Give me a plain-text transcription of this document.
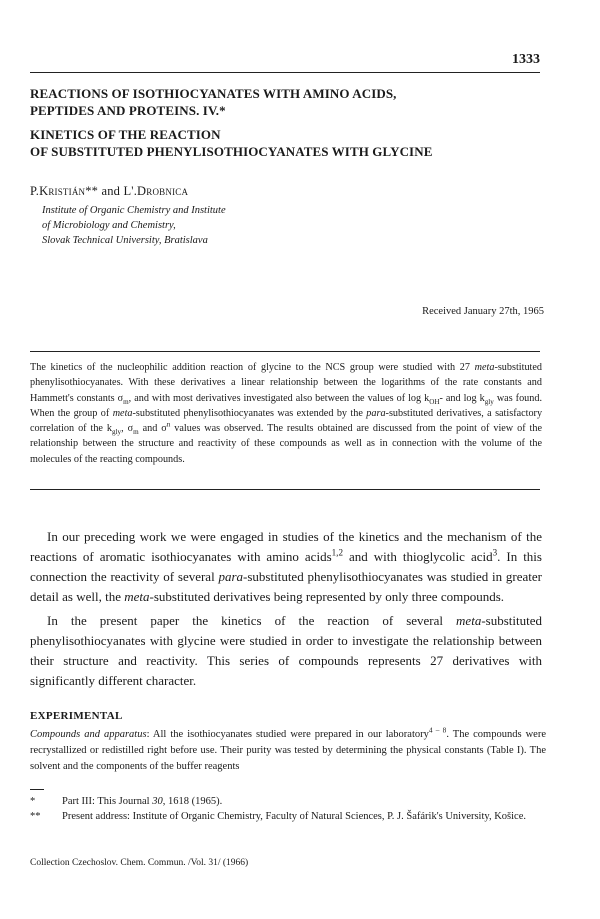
1333
REACTIONS OF ISOTHIOCYANATES WITH AMINO ACIDS,
PEPTIDES AND PROTEINS. IV.*
KINETICS OF THE REACTION
OF SUBSTITUTED PHENYLISOTHIOCYANATES WITH GLYCINE
P.Kristián** and L'.Drobnica
Institute of Organic Chemistry and Institute
of Microbiology and Chemistry,
Slovak Technical University, Bratislava
Received January 27th, 1965
The kinetics of the nucleophilic addition reaction of glycine to the NCS group were studied with 27 meta-substituted phenylisothiocyanates. With these derivatives a linear relationship between the logarithms of the rate constants and Hammett's constants $\sigma_m$, and with most derivatives investigated also between the values of $\log k_{OH}-$ and $\log k_{gly}$ was found. When the group of meta-substituted phenylisothiocyanates was extended by the para-substituted derivatives, a satisfactory correlation of the $k_{gly}$, $\sigma_m$ and $\sigma^n$ values was observed. The results obtained are discussed from the point of view of the relationship between the structure and reactivity of these compounds as well as in connection with the volume of the molecules of the reacting compounds.
In our preceding work we were engaged in studies of the kinetics and the mechanism of the reactions of aromatic isothiocyanates with amino acids$^{1,2}$ and with thioglycolic acid$^3$. In this connection the reactivity of several para-substituted phenylisothiocyanates was studied in greater detail as well, the meta-substituted derivatives being represented by only three compounds.
In the present paper the kinetics of the reaction of several meta-substituted phenylisothiocyanates with glycine were studied in order to investigate the relationship between their structure and reactivity. This series of compounds represents 27 derivatives with significantly different character.
EXPERIMENTAL
Compounds and apparatus: All the isothiocyanates studied were prepared in our laboratory$^{4 - 8}$. The compounds were recrystallized or redistilled right before use. Their purity was tested by determining the physical constants (Table I). The solvent and the components of the buffer reagents
*	Part III: This Journal 30, 1618 (1965).
**	Present address: Institute of Organic Chemistry, Faculty of Natural Sciences, P. J. Šafárik's University, Košice.
Collection Czechoslov. Chem. Commun. /Vol. 31/ (1966)
